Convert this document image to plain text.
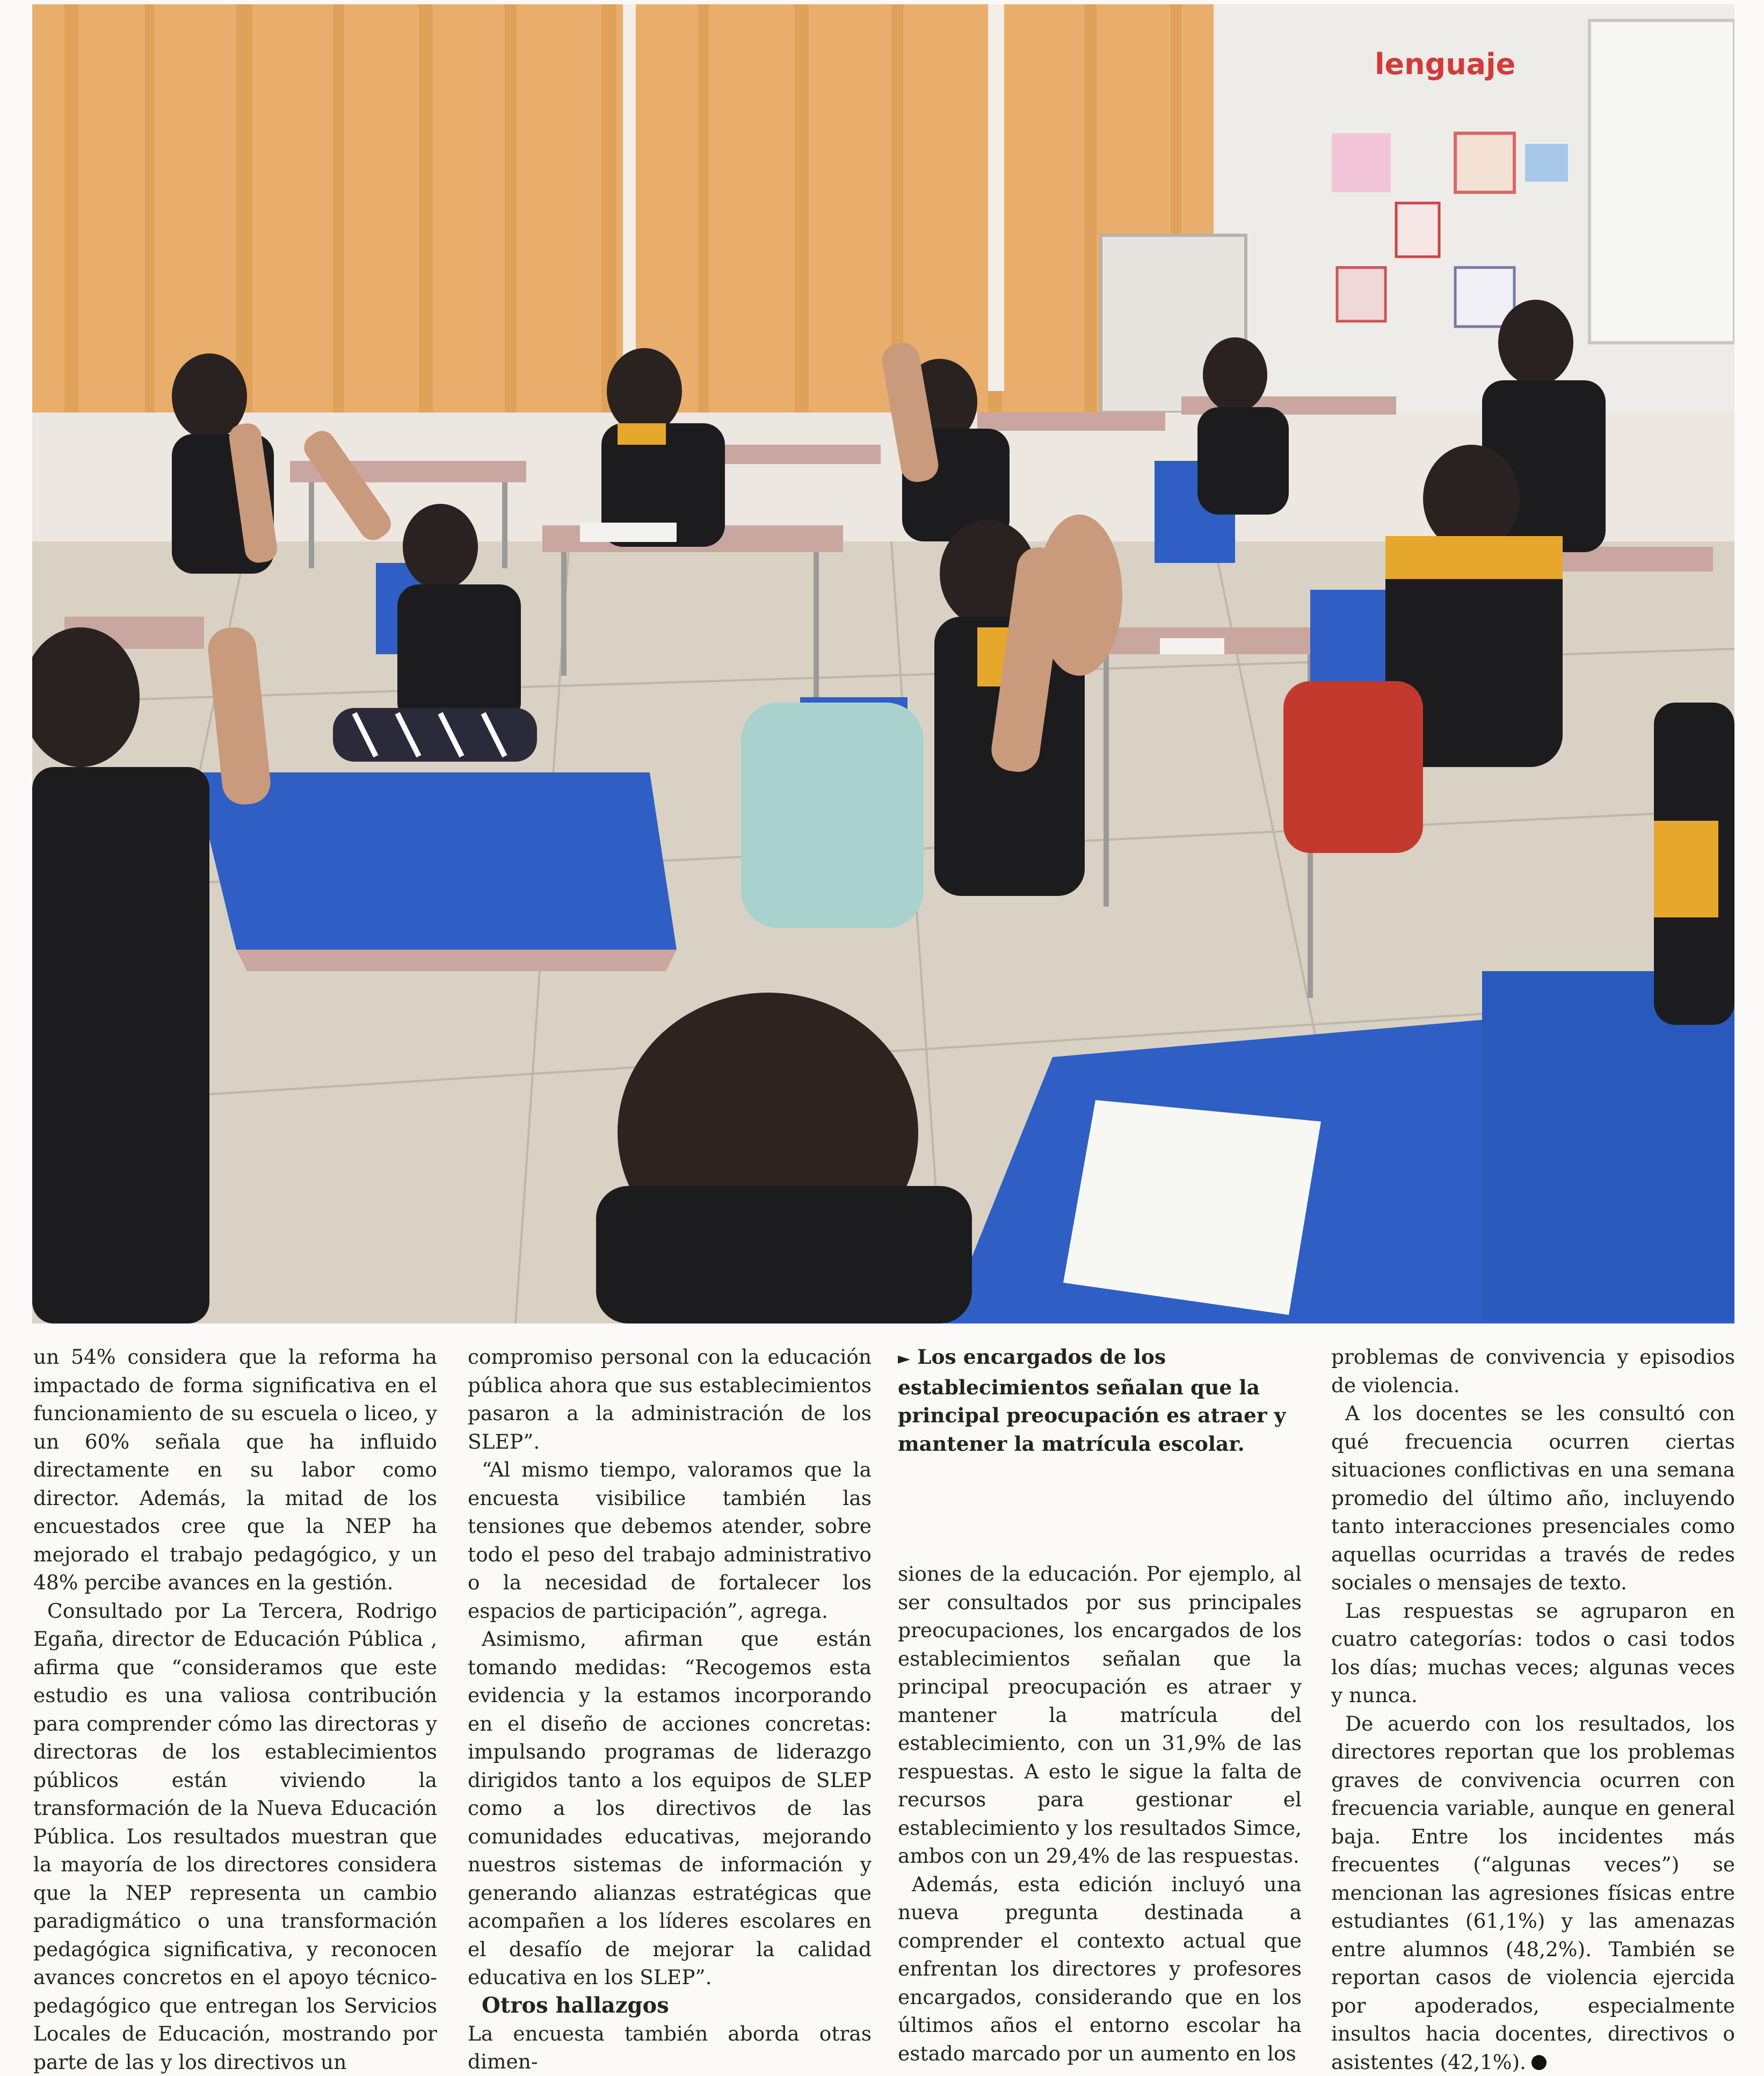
lenguaje

un 54% considera que la reforma ha impactado de forma significativa en el funcionamiento de su escuela o liceo, y un 60% señala que ha influido directamente en su labor como director. Además, la mitad de los encuestados cree que la NEP ha mejorado el trabajo pedagógico, y un 48% percibe avances en la gestión.

Consultado por La Tercera, Rodrigo Egaña, director de Educación Pública , afirma que “consideramos que este estudio es una valiosa contribución para comprender cómo las directoras y directoras de los establecimientos públicos están viviendo la transformación de la Nueva Educación Pública. Los resultados muestran que la mayoría de los directores considera que la NEP representa un cambio paradigmático o una transformación pedagógica significativa, y reconocen avances concretos en el apoyo técnico-pedagógico que entregan los Servicios Locales de Educación, mostrando por parte de las y los directivos un

compromiso personal con la educación pública ahora que sus establecimientos pasaron a la administración de los SLEP”.

“Al mismo tiempo, valoramos que la encuesta visibilice también las tensiones que debemos atender, sobre todo el peso del trabajo administrativo o la necesidad de fortalecer los espacios de participación”, agrega.

Asimismo, afirman que están tomando medidas: “Recogemos esta evidencia y la estamos incorporando en el diseño de acciones concretas: impulsando programas de liderazgo dirigidos tanto a los equipos de SLEP como a los directivos de las comunidades educativas, mejorando nuestros sistemas de información y generando alianzas estratégicas que acompañen a los líderes escolares en el desafío de mejorar la calidad educativa en los SLEP”.

Otros hallazgos

La encuesta también aborda otras dimen-

► Los encargados de los establecimientos señalan que la principal preocupación es atraer y mantener la matrícula escolar.

siones de la educación. Por ejemplo, al ser consultados por sus principales preocupaciones, los encargados de los establecimientos señalan que la principal preocupación es atraer y mantener la matrícula del establecimiento, con un 31,9% de las respuestas. A esto le sigue la falta de recursos para gestionar el establecimiento y los resultados Simce, ambos con un 29,4% de las respuestas.

Además, esta edición incluyó una nueva pregunta destinada a comprender el contexto actual que enfrentan los directores y profesores encargados, considerando que en los últimos años el entorno escolar ha estado marcado por un aumento en los

problemas de convivencia y episodios de violencia.

A los docentes se les consultó con qué frecuencia ocurren ciertas situaciones conflictivas en una semana promedio del último año, incluyendo tanto interacciones presenciales como aquellas ocurridas a través de redes sociales o mensajes de texto.

Las respuestas se agruparon en cuatro categorías: todos o casi todos los días; muchas veces; algunas veces y nunca.

De acuerdo con los resultados, los directores reportan que los problemas graves de convivencia ocurren con frecuencia variable, aunque en general baja. Entre los incidentes más frecuentes (“algunas veces”) se mencionan las agresiones físicas entre estudiantes (61,1%) y las amenazas entre alumnos (48,2%). También se reportan casos de violencia ejercida por apoderados, especialmente insultos hacia docentes, directivos o asistentes (42,1%).
